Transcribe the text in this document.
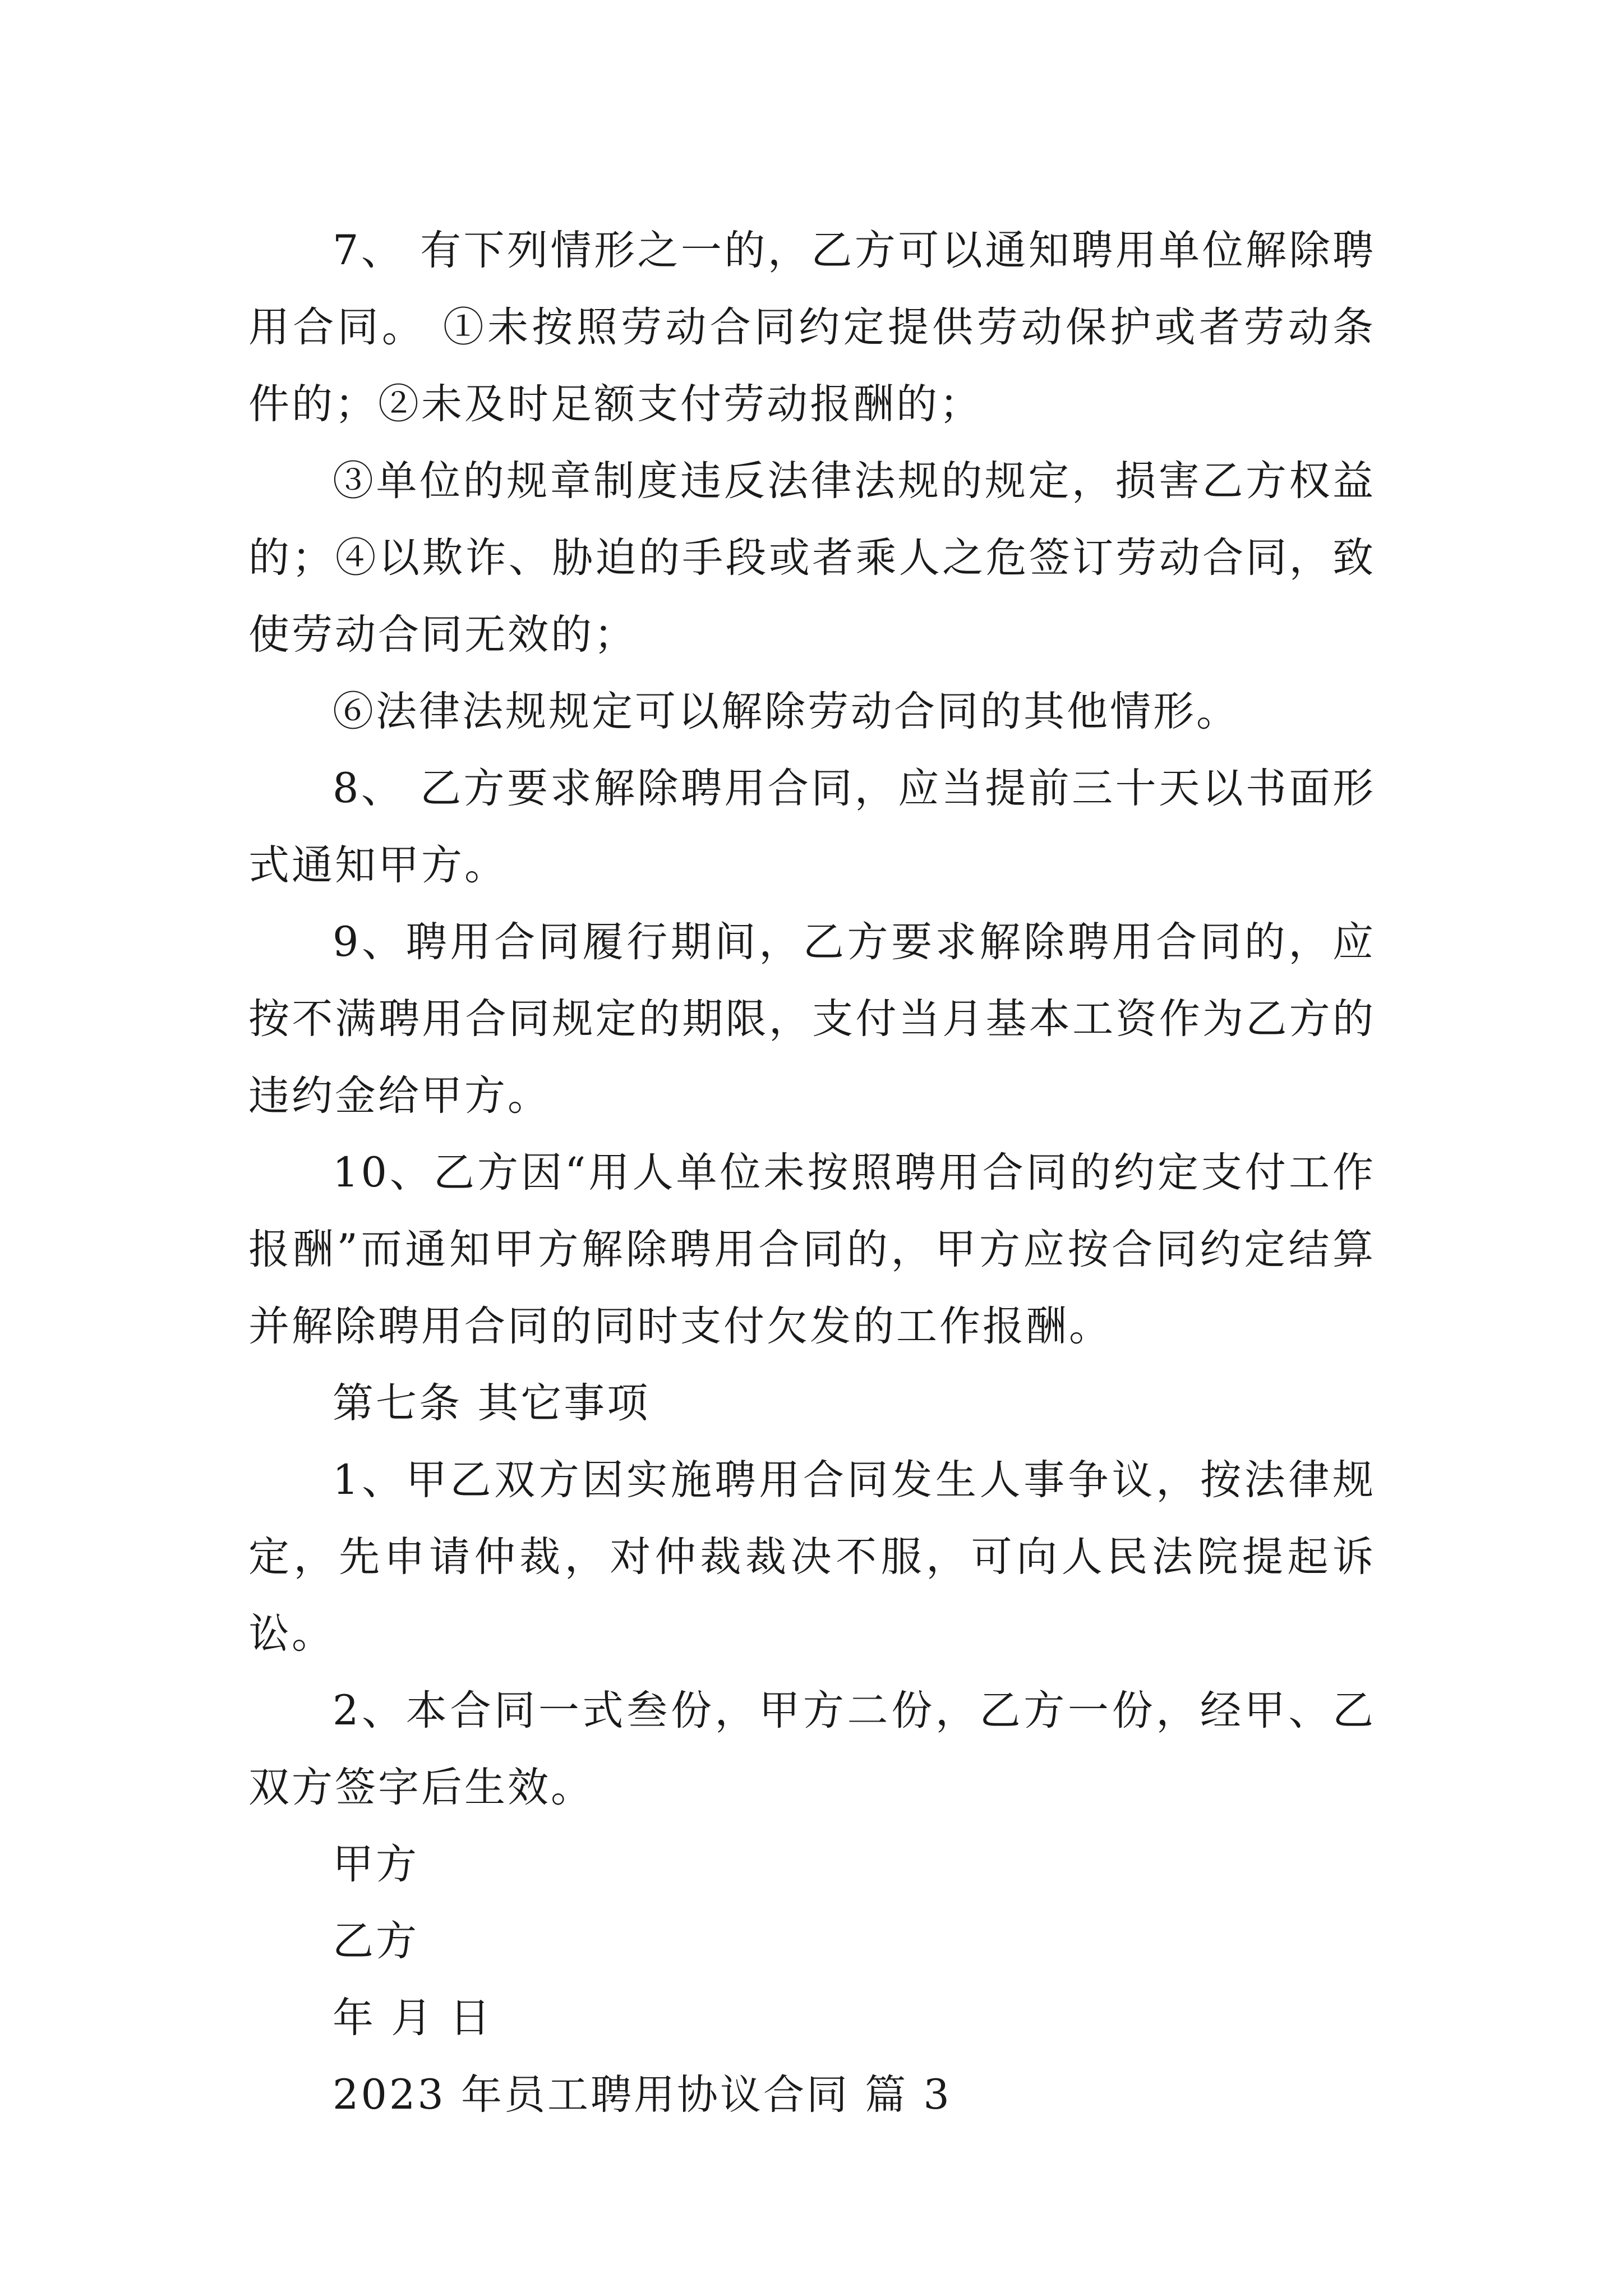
7、 有下列情形之一的，乙方可以通知聘用单位解除聘用合同。 ①未按照劳动合同约定提供劳动保护或者劳动条件的；②未及时足额支付劳动报酬的；

③单位的规章制度违反法律法规的规定，损害乙方权益的；④以欺诈、胁迫的手段或者乘人之危签订劳动合同，致使劳动合同无效的；

⑥法律法规规定可以解除劳动合同的其他情形。

8、 乙方要求解除聘用合同，应当提前三十天以书面形式通知甲方。

9、聘用合同履行期间，乙方要求解除聘用合同的，应按不满聘用合同规定的期限，支付当月基本工资作为乙方的违约金给甲方。

10、乙方因“用人单位未按照聘用合同的约定支付工作报酬”而通知甲方解除聘用合同的，甲方应按合同约定结算并解除聘用合同的同时支付欠发的工作报酬。

第七条 其它事项

1、甲乙双方因实施聘用合同发生人事争议，按法律规定，先申请仲裁，对仲裁裁决不服，可向人民法院提起诉讼。

2、本合同一式叁份，甲方二份，乙方一份，经甲、乙双方签字后生效。

甲方

乙方

年 月 日

2023 年员工聘用协议合同 篇 3
